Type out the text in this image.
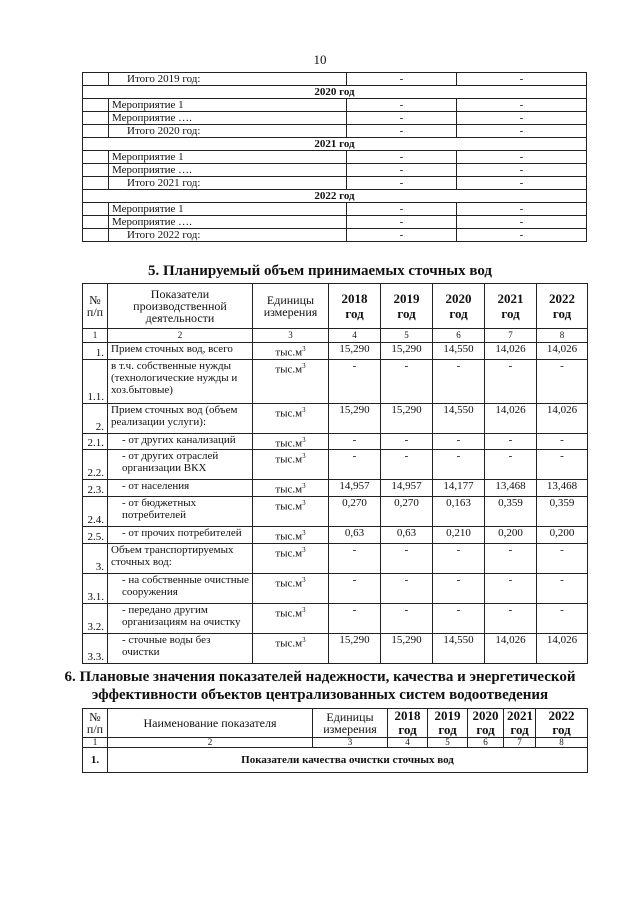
10
	Итого 2019 год:	-	-
2020 год			
	Мероприятие 1	-	-
	Мероприятие ….	-	-
	Итого 2020 год:	-	-
2021 год			
	Мероприятие 1	-	-
	Мероприятие ….	-	-
	Итого 2021 год:	-	-
2022 год			
	Мероприятие 1	-	-
	Мероприятие ….	-	-
	Итого 2022 год:	-	-
5. Планируемый объем принимаемых сточных вод
№ п/п	Показатели производственной деятельности	Единицы измерения	2018 год	2019 год	2020 год	2021 год	2022 год
1	2	3	4	5	6	7	8
1.	Прием сточных вод, всего	$тыс.м^3$	15,290	15,290	14,550	14,026	14,026
1.1.	в т.ч. собственные нужды (технологические нужды и хоз.бытовые)	$тыс.м^3$	-	-	-	-	-
2.	Прием сточных вод (объем реализации услуги):	$тыс.м^3$	15,290	15,290	14,550	14,026	14,026
2.1.	- от других канализаций	$тыс.м^3$	-	-	-	-	-
2.2.	- от других отраслей организации ВКХ	$тыс.м^3$	-	-	-	-	-
2.3.	- от населения	$тыс.м^3$	14,957	14,957	14,177	13,468	13,468
2.4.	- от бюджетных потребителей	$тыс.м^3$	0,270	0,270	0,163	0,359	0,359
2.5.	- от прочих потребителей	$тыс.м^3$	0,63	0,63	0,210	0,200	0,200
3.	Объем транспортируемых сточных вод:	$тыс.м^3$	-	-	-	-	-
3.1.	- на собственные очистные сооружения	$тыс.м^3$	-	-	-	-	-
3.2.	- передано другим организациям на очистку	$тыс.м^3$	-	-	-	-	-
3.3.	- сточные воды без очистки	$тыс.м^3$	15,290	15,290	14,550	14,026	14,026
6. Плановые значения показателей надежности, качества и энергетической
эффективности объектов централизованных систем водоотведения
№ п/п	Наименование показателя	Единицы измерения	2018 год	2019 год	2020 год	2021 год	2022 год
1	2	3	4	5	6	7	8
1.	Показатели качества очистки сточных вод						
